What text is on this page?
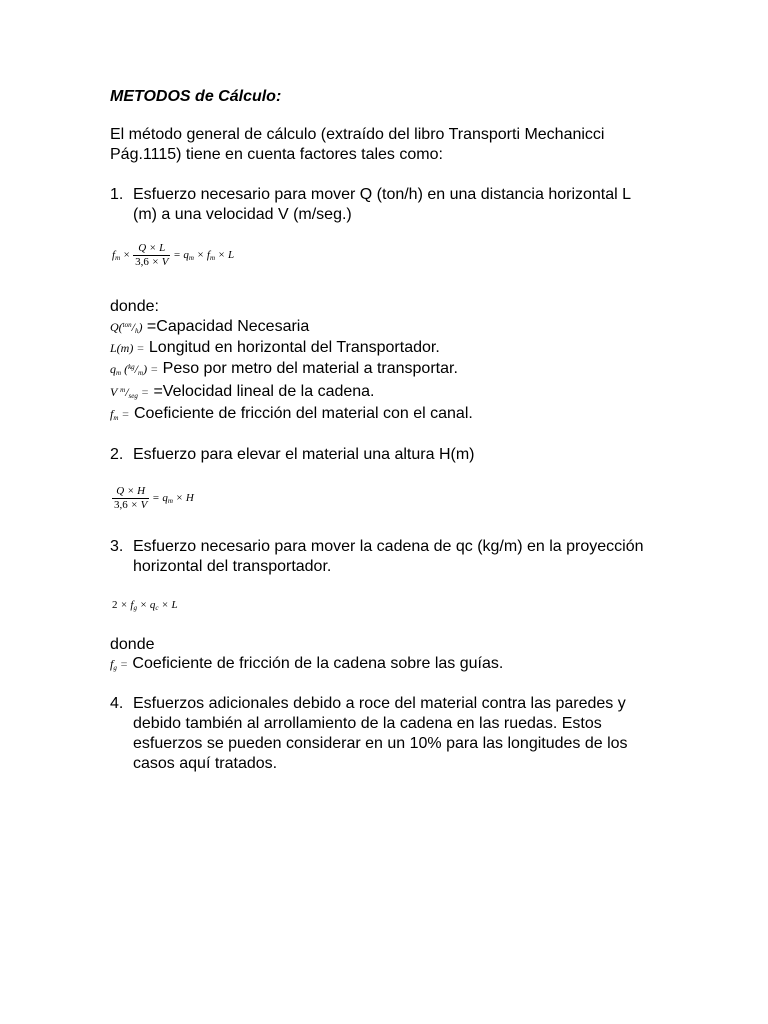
METODOS de Cálculo:
El método general de cálculo (extraído del libro Transporti Mechanicci
Pág.1115) tiene en cuenta factores tales como:
1. Esfuerzo necesario para mover Q (ton/h) en una distancia horizontal L
(m) a una velocidad V (m/seg.)
$f_m \times \frac{Q \times L}{3,6 \times V} = q_m \times f_m \times L$
donde:
$Q(^{ton}/_h)$ =Capacidad Necesaria
L(m) = Longitud en horizontal del Transportador.
$q_m$ $(^{kg}/_m)$ = Peso por metro del material a transportar.
V $^m/_{seg}$ = =Velocidad lineal de la cadena.
$f_m$ = Coeficiente de fricción del material con el canal.
2. Esfuerzo para elevar el material una altura H(m)
$\frac{Q \times H}{3,6 \times V} = q_m \times H$
3. Esfuerzo necesario para mover la cadena de qc (kg/m) en la proyección
horizontal del transportador.
$2 \times f_g \times q_c \times L$
donde
$f_g$ = Coeficiente de fricción de la cadena sobre las guías.
4. Esfuerzos adicionales debido a roce del material contra las paredes y
debido también al arrollamiento de la cadena en las ruedas. Estos
esfuerzos se pueden considerar en un 10% para las longitudes de los
casos aquí tratados.
